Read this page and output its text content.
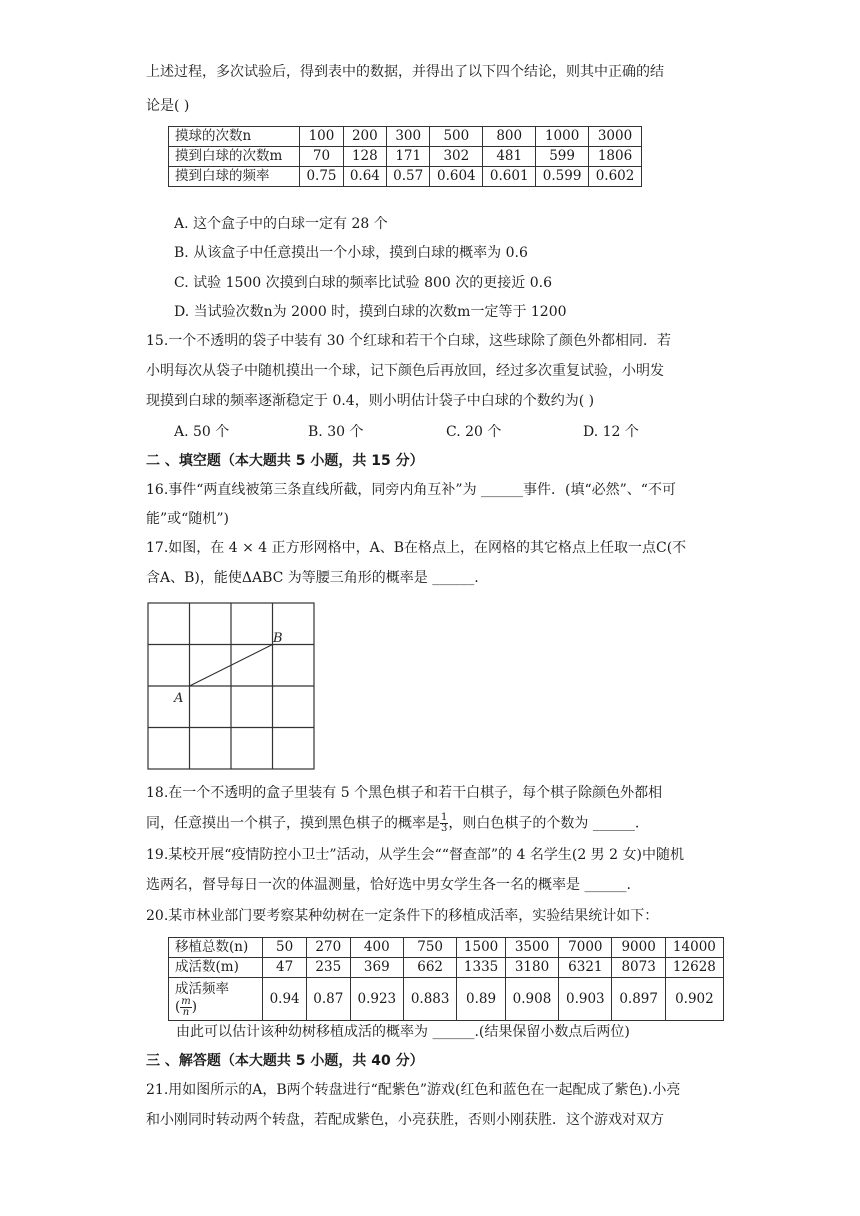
上述过程，多次试验后，得到表中的数据，并得出了以下四个结论，则其中正确的结
论是( )
摸球的次数n	100	200	300	500	800	1000	3000
摸到白球的次数m	70	128	171	302	481	599	1806
摸到白球的频率	0.75	0.64	0.57	0.604	0.601	0.599	0.602
A. 这个盒子中的白球一定有 28 个
B. 从该盒子中任意摸出一个小球，摸到白球的概率为 0.6
C. 试验 1500 次摸到白球的频率比试验 800 次的更接近 0.6
D. 当试验次数n为 2000 时，摸到白球的次数m一定等于 1200
15.一个不透明的袋子中装有 30 个红球和若干个白球，这些球除了颜色外都相同．若
小明每次从袋子中随机摸出一个球，记下颜色后再放回，经过多次重复试验，小明发
现摸到白球的频率逐渐稳定于 0.4，则小明估计袋子中白球的个数约为( )
A. 50 个	B. 30 个	C. 20 个	D. 12 个
二 、填空题（本大题共 5 小题，共 15 分）
16.事件“两直线被第三条直线所截，同旁内角互补”为 ______事件．(填“必然”、“不可
能”或“随机”)
17.如图，在 4 × 4 正方形网格中，A、B在格点上，在网格的其它格点上任取一点C(不
含A、B)，能使ΔABC 为等腰三角形的概率是 ______.
A
B
18.在一个不透明的盒子里装有 5 个黑色棋子和若干白棋子，每个棋子除颜色外都相
同，任意摸出一个棋子，摸到黑色棋子的概率是 $\frac{1}{3}$ ，则白色棋子的个数为 ______.
19.某校开展“疫情防控小卫士”活动，从学生会““督查部”的 4 名学生(2 男 2 女)中随机
选两名，督导每日一次的体温测量，恰好选中男女学生各一名的概率是 ______.
20.某市林业部门要考察某种幼树在一定条件下的移植成活率，实验结果统计如下：
移植总数(n)	50	270	400	750	1500	3500	7000	9000	14000
成活数(m)	47	235	369	662	1335	3180	6321	8073	12628

成活频率
( $\frac{m}{n}$ )	0.94	0.87	0.923	0.883	0.89	0.908	0.903	0.897	0.902
由此可以估计该种幼树移植成活的概率为 ______.(结果保留小数点后两位)
三 、解答题（本大题共 5 小题，共 40 分）
21.用如图所示的A，B两个转盘进行“配紫色”游戏(红色和蓝色在一起配成了紫色).小亮
和小刚同时转动两个转盘，若配成紫色，小亮获胜，否则小刚获胜．这个游戏对双方
